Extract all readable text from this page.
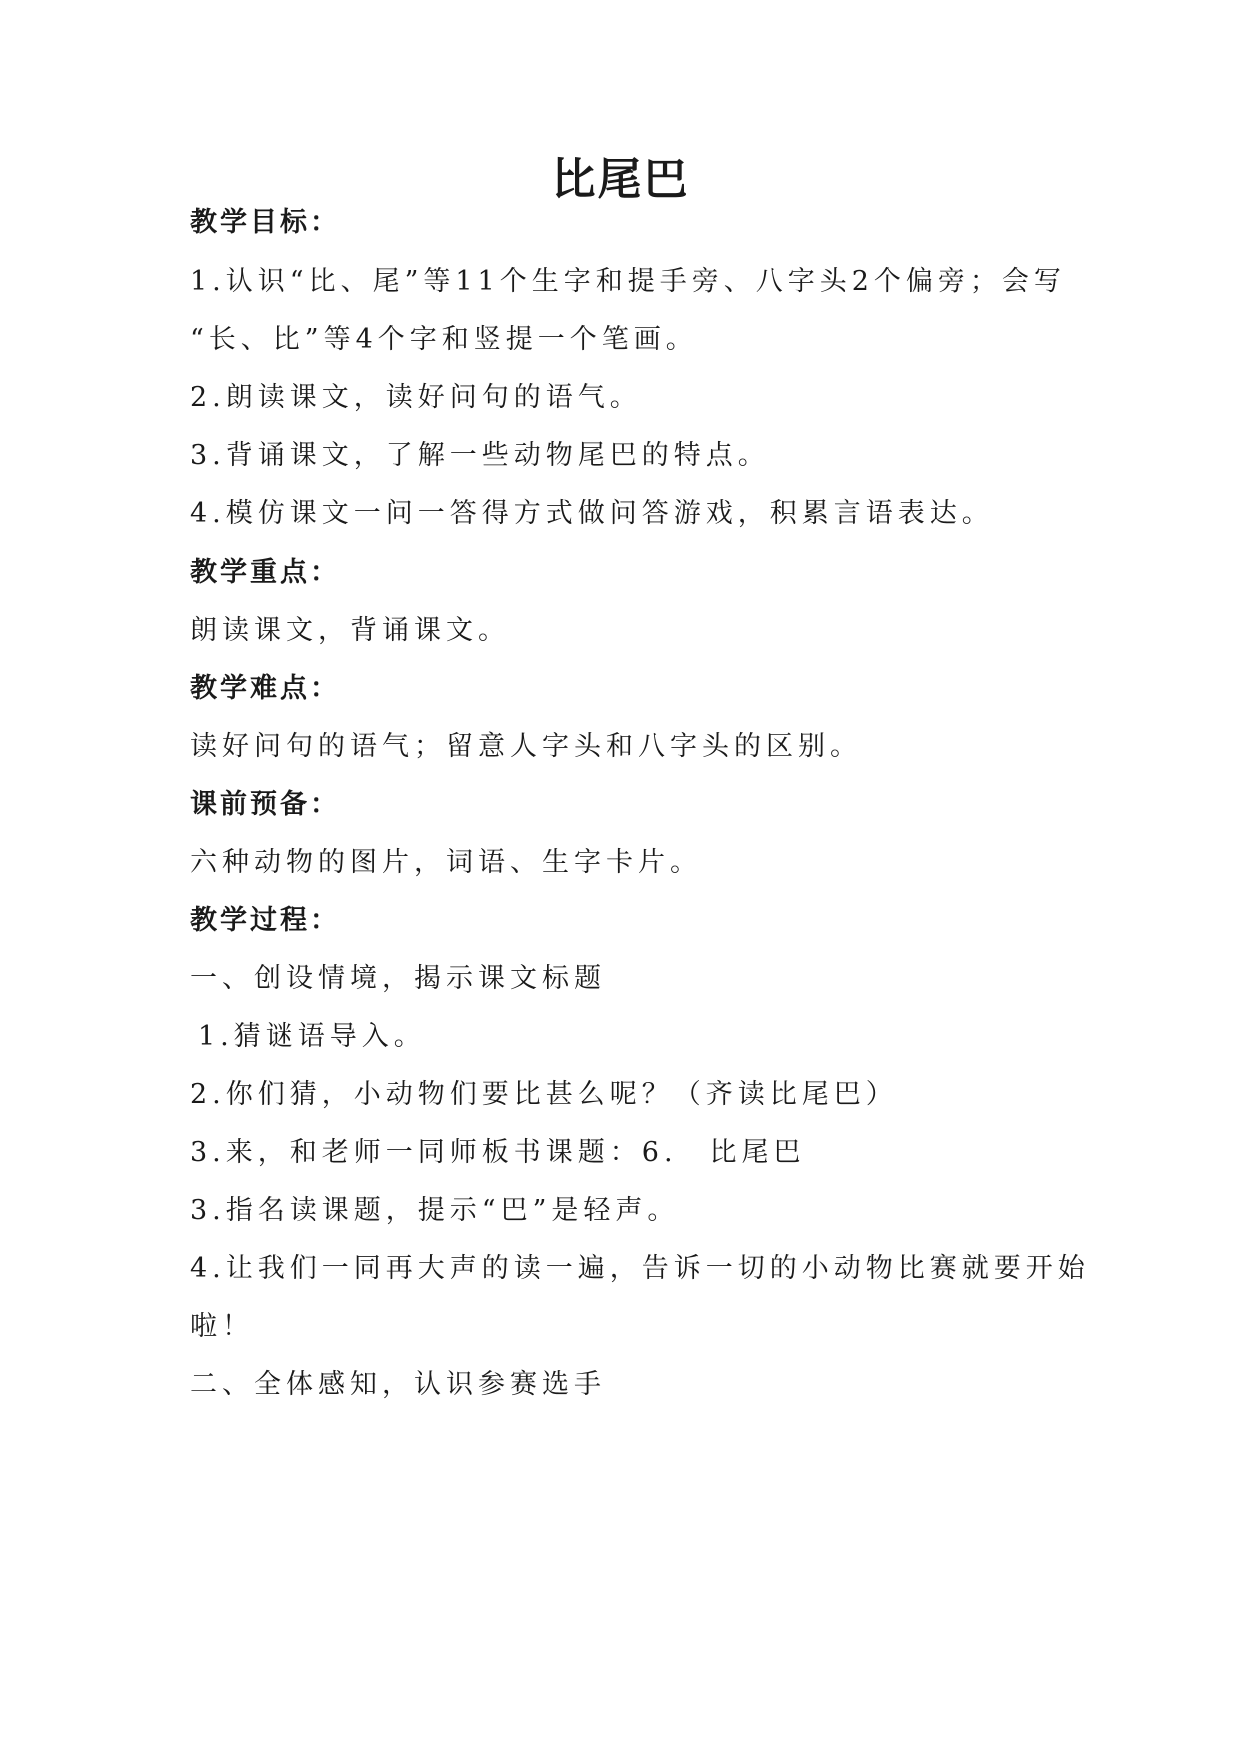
比尾巴
教学目标：
1.认识“比、尾”等11个生字和提手旁、八字头2个偏旁；会写
“长、比”等4个字和竖提一个笔画。
2.朗读课文，读好问句的语气。
3.背诵课文，了解一些动物尾巴的特点。
4.模仿课文一问一答得方式做问答游戏，积累言语表达。
教学重点：
朗读课文，背诵课文。
教学难点：
读好问句的语气；留意人字头和八字头的区别。
课前预备：
六种动物的图片，词语、生字卡片。
教学过程：
一、创设情境，揭示课文标题
1.猜谜语导入。
2.你们猜，小动物们要比甚么呢？（齐读比尾巴）
3.来，和老师一同师板书课题：6.　比尾巴
3.指名读课题，提示“巴”是轻声。
4.让我们一同再大声的读一遍，告诉一切的小动物比赛就要开始
啦！
二、全体感知，认识参赛选手
